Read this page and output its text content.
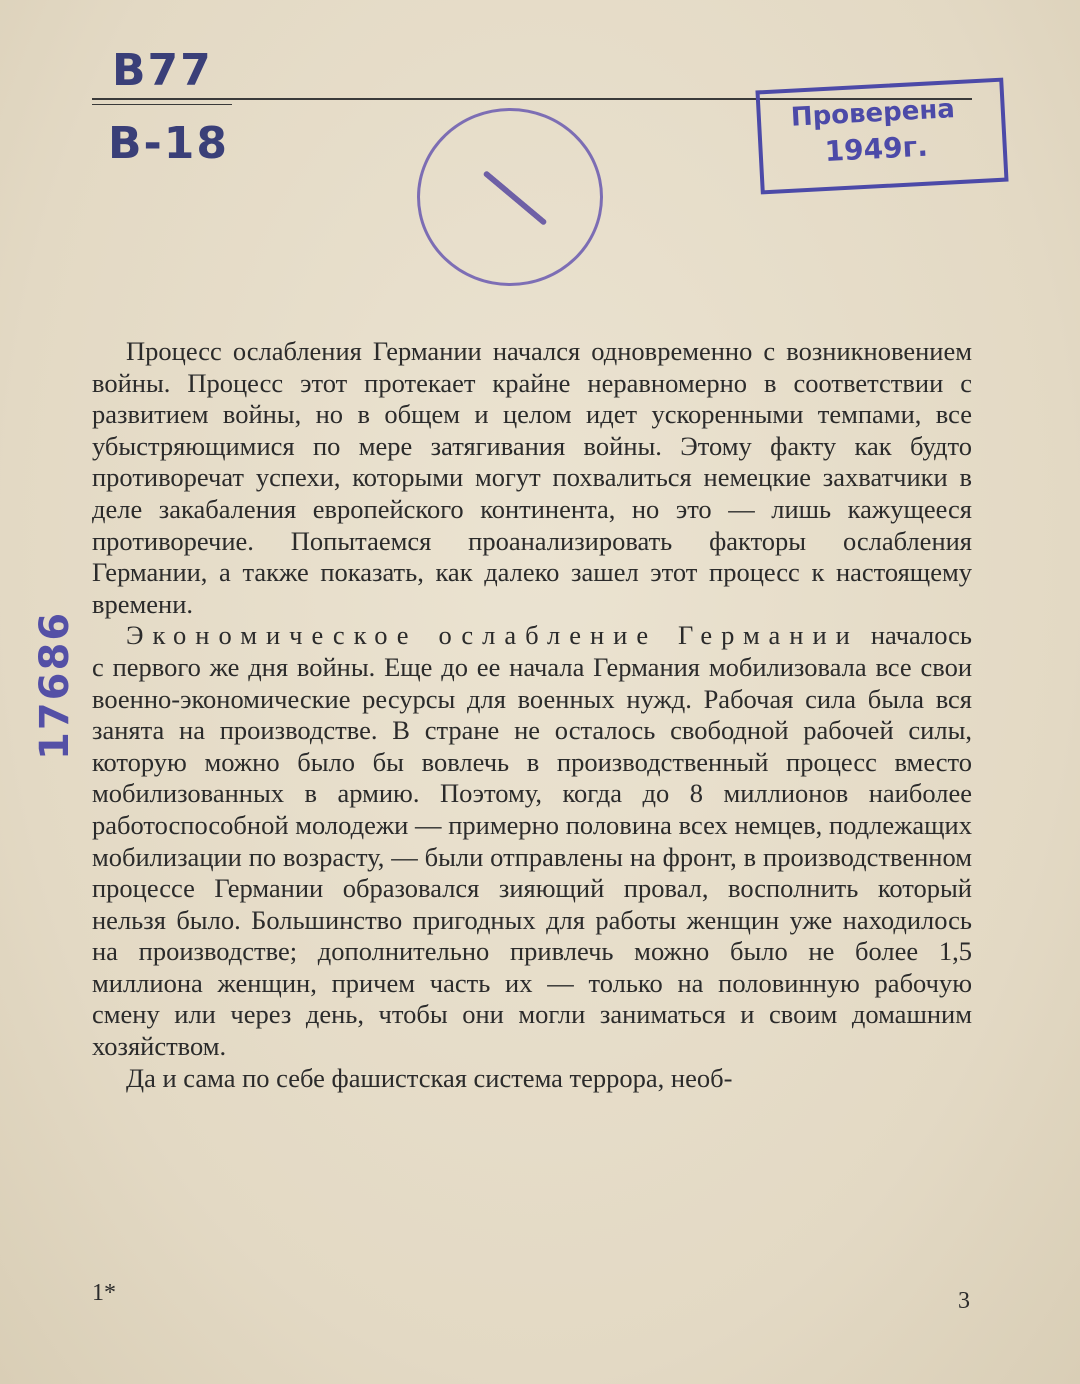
B77
B-18
Проверена
1949г.
17686

Процесс ослабления Германии начался одновременно с возникновением войны. Процесс этот протекает крайне неравномерно в соответствии с развитием войны, но в общем и целом идет ускоренными темпами, все убыстряющимися по мере затягивания войны. Этому факту как будто противоречат успехи, которыми могут похвалиться немецкие захватчики в деле закабаления европейского континента, но это — лишь кажущееся противоречие. Попытаемся проанализировать факторы ослабления Германии, а также показать, как далеко зашел этот процесс к настоящему времени.

Экономическое ослабление Германии началось с первого же дня войны. Еще до ее начала Германия мобилизовала все свои военно-экономические ресурсы для военных нужд. Рабочая сила была вся занята на производстве. В стране не осталось свободной рабочей силы, которую можно было бы вовлечь в производственный процесс вместо мобилизованных в армию. Поэтому, когда до 8 миллионов наиболее работоспособной молодежи — примерно половина всех немцев, подлежащих мобилизации по возрасту, — были отправлены на фронт, в производственном процессе Германии образовался зияющий провал, восполнить который нельзя было. Большинство пригодных для работы женщин уже находилось на производстве; дополнительно привлечь можно было не более 1,5 миллиона женщин, причем часть их — только на половинную рабочую смену или через день, чтобы они могли заниматься и своим домашним хозяйством.

Да и сама по себе фашистская система террора, необ-

1*	3
